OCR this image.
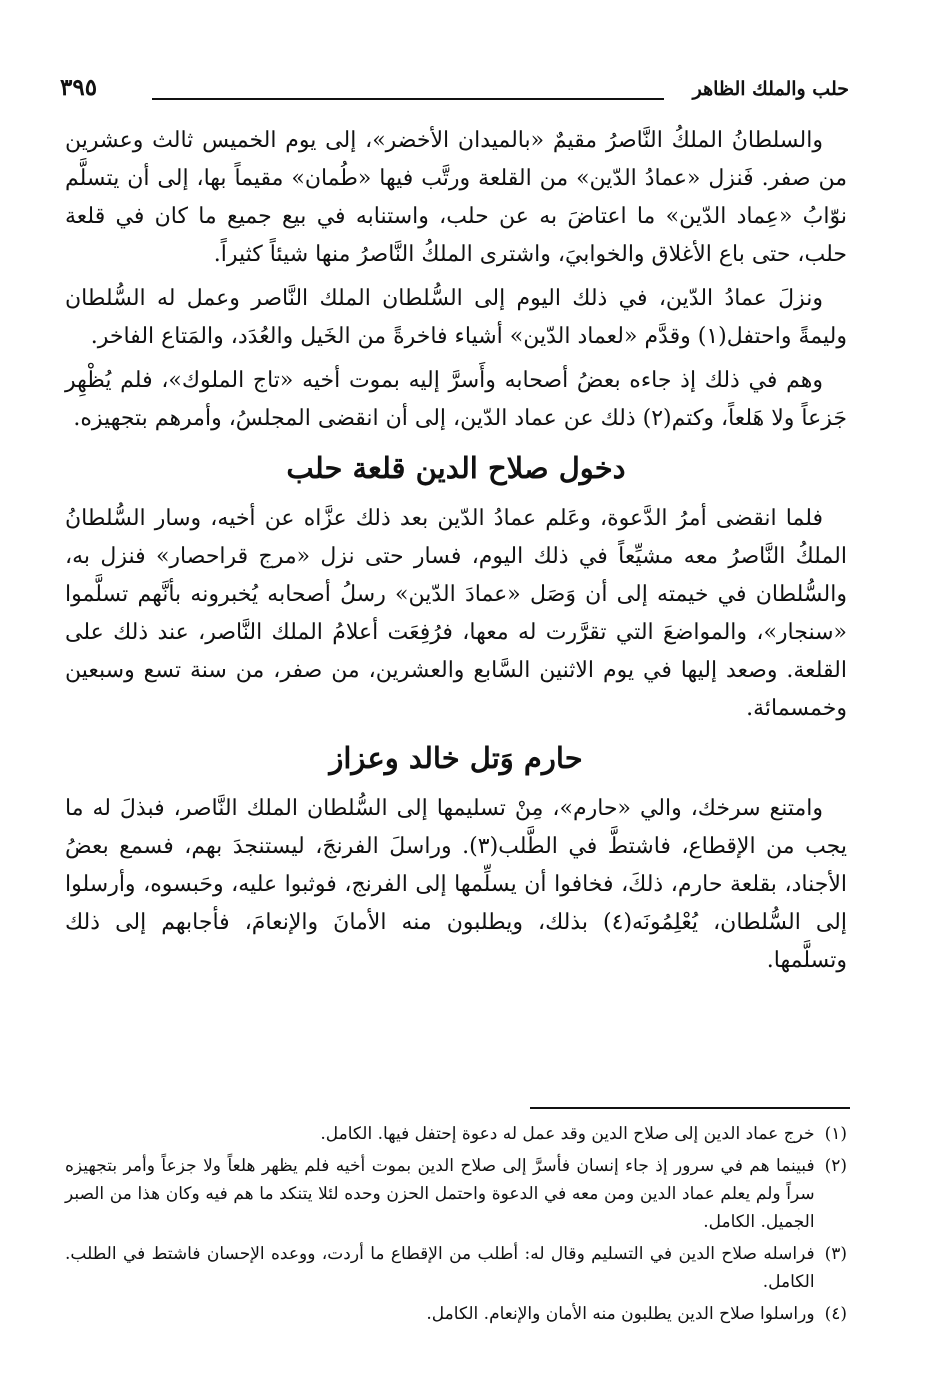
حلب والملك الظاهر
٣٩٥

والسلطانُ الملكُ النَّاصرُ مقيمٌ «بالميدان الأخضر»، إلى يوم الخميس ثالث وعشرين من صفر. فَنزل «عمادُ الدّين» من القلعة ورتَّب فيها «طُمان» مقيماً بها، إلى أن يتسلَّم نوّابُ «عِماد الدّين» ما اعتاضَ به عن حلب، واستنابه في بيع جميع ما كان في قلعة حلب، حتى باع الأغلاق والخوابيَ، واشترى الملكُ النَّاصرُ منها شيئاً كثيراً.

ونزلَ عمادُ الدّين، في ذلك اليوم إلى السُّلطان الملك النَّاصر وعمل له السُّلطان وليمةً واحتفل(١) وقدَّم «لعماد الدّين» أشياء فاخرةً من الخَيل والعُدَد، والمَتاع الفاخر.

وهم في ذلك إذ جاءه بعضُ أصحابه وأَسرَّ إليه بموت أخيه «تاج الملوك»، فلم يُظْهِر جَزعاً ولا هَلعاً، وكتم(٢) ذلك عن عماد الدّين، إلى أن انقضى المجلسُ، وأمرهم بتجهيزه.

دخول صلاح الدين قلعة حلب

فلما انقضى أمرُ الدَّعوة، وعَلم عمادُ الدّين بعد ذلك عزَّاه عن أخيه، وسار السُّلطانُ الملكُ النَّاصرُ معه مشيِّعاً في ذلك اليوم، فسار حتى نزل «مرج قراحصار» فنزل به، والسُّلطان في خيمته إلى أن وَصَل «عمادَ الدّين» رسلُ أصحابه يُخبرونه بأنَّهم تسلَّموا «سنجار»، والمواضعَ التي تقرَّرت له معها، فرُفِعَت أعلامُ الملك النَّاصر، عند ذلك على القلعة. وصعد إليها في يوم الاثنين السَّابع والعشرين، من صفر، من سنة تسع وسبعين وخمسمائة.

حارم وَتل خالد وعزاز

وامتنع سرخك، والي «حارم»، مِنْ تسليمها إلى السُّلطان الملك النَّاصر، فبذلَ له ما يجب من الإقطاع، فاشتطَّ في الطَّلب(٣). وراسلَ الفرنجَ، ليستنجدَ بهم، فسمع بعضُ الأجناد، بقلعة حارم، ذلكَ، فخافوا أن يسلِّمها إلى الفرنج، فوثبوا عليه، وحَبسوه، وأرسلوا إلى السُّلطان، يُعْلِمُونَه(٤) بذلك، ويطلبون منه الأمانَ والإنعامَ، فأجابهم إلى ذلك وتسلَّمها.

(١)
خرج عماد الدين إلى صلاح الدين وقد عمل له دعوة إحتفل فيها. الكامل.
(٢)
فبينما هم في سرور إذ جاء إنسان فأسرَّ إلى صلاح الدين بموت أخيه فلم يظهر هلعاً ولا جزعاً وأمر بتجهيزه سراً ولم يعلم عماد الدين ومن معه في الدعوة واحتمل الحزن وحده لئلا يتنكد ما هم فيه وكان هذا من الصبر الجميل. الكامل.
(٣)
فراسله صلاح الدين في التسليم وقال له: أطلب من الإقطاع ما أردت، ووعده الإحسان فاشتط في الطلب. الكامل.
(٤)
وراسلوا صلاح الدين يطلبون منه الأمان والإنعام. الكامل.
